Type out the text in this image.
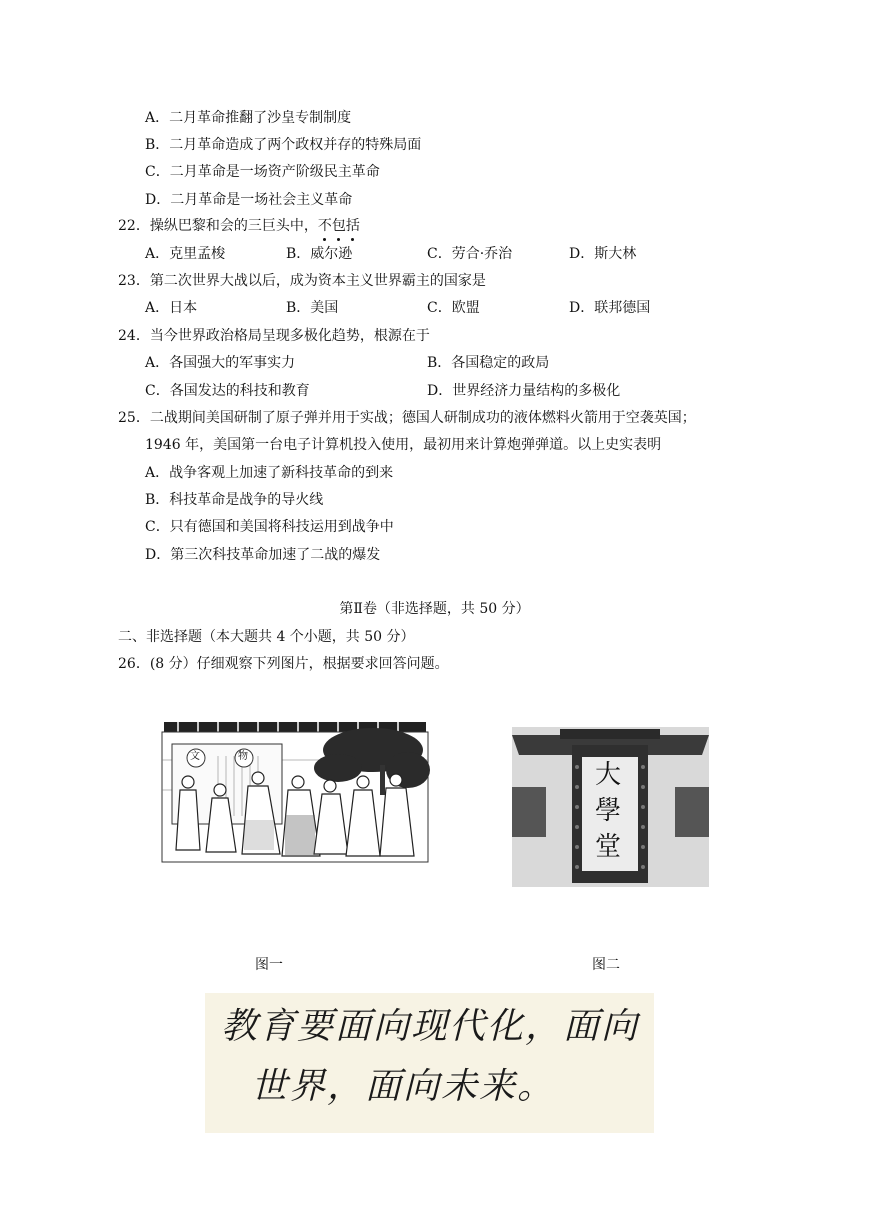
A．二月革命推翻了沙皇专制制度
B．二月革命造成了两个政权并存的特殊局面
C．二月革命是一场资产阶级民主革命
D．二月革命是一场社会主义革命
22．操纵巴黎和会的三巨头中，不包括
A．克里孟梭	B．威尔逊	C．劳合·乔治	D．斯大林
23．第二次世界大战以后，成为资本主义世界霸主的国家是
A．日本	B．美国	C．欧盟	D．联邦德国
24．当今世界政治格局呈现多极化趋势，根源在于
A．各国强大的军事实力	B．各国稳定的政局
C．各国发达的科技和教育	D．世界经济力量结构的多极化
25．二战期间美国研制了原子弹并用于实战；德国人研制成功的液体燃料火箭用于空袭英国；
1946 年，美国第一台电子计算机投入使用，最初用来计算炮弹弹道。以上史实表明
A．战争客观上加速了新科技革命的到来
B．科技革命是战争的导火线
C．只有德国和美国将科技运用到战争中
D．第三次科技革命加速了二战的爆发
第Ⅱ卷（非选择题，共 50 分）
二、非选择题（本大题共 4 个小题，共 50 分）
26．(8 分）仔细观察下列图片，根据要求回答问题。
文	物
大
學
堂
图一	图二
教育要面向现代化，面向
世界，面向未来。
